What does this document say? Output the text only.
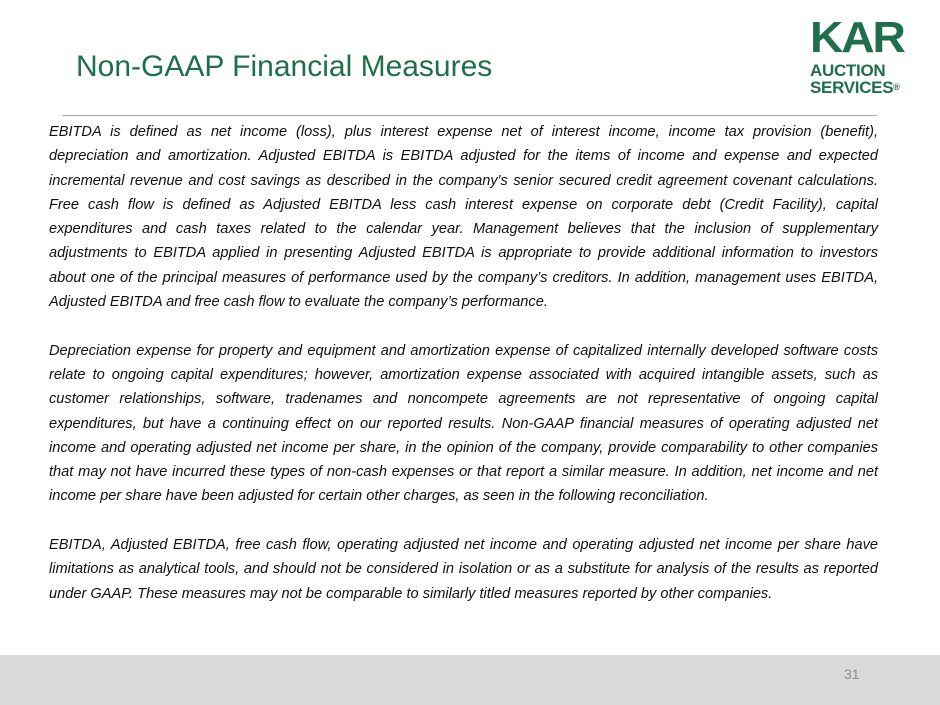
Non-GAAP Financial Measures
KAR
AUCTION
SERVICES®

EBITDA is defined as net income (loss), plus interest expense net of interest income, income tax provision (benefit), depreciation and amortization. Adjusted EBITDA is EBITDA adjusted for the items of income and expense and expected incremental revenue and cost savings as described in the company's senior secured credit agreement covenant calculations. Free cash flow is defined as Adjusted EBITDA less cash interest expense on corporate debt (Credit Facility), capital expenditures and cash taxes related to the calendar year. Management believes that the inclusion of supplementary adjustments to EBITDA applied in presenting Adjusted EBITDA is appropriate to provide additional information to investors about one of the principal measures of performance used by the company’s creditors. In addition, management uses EBITDA, Adjusted EBITDA and free cash flow to evaluate the company’s performance.

Depreciation expense for property and equipment and amortization expense of capitalized internally developed software costs relate to ongoing capital expenditures; however, amortization expense associated with acquired intangible assets, such as customer relationships, software, tradenames and noncompete agreements are not representative of ongoing capital expenditures, but have a continuing effect on our reported results. Non-GAAP financial measures of operating adjusted net income and operating adjusted net income per share, in the opinion of the company, provide comparability to other companies that may not have incurred these types of non-cash expenses or that report a similar measure. In addition, net income and net income per share have been adjusted for certain other charges, as seen in the following reconciliation.

EBITDA, Adjusted EBITDA, free cash flow, operating adjusted net income and operating adjusted net income per share have limitations as analytical tools, and should not be considered in isolation or as a substitute for analysis of the results as reported under GAAP. These measures may not be comparable to similarly titled measures reported by other companies.

31
